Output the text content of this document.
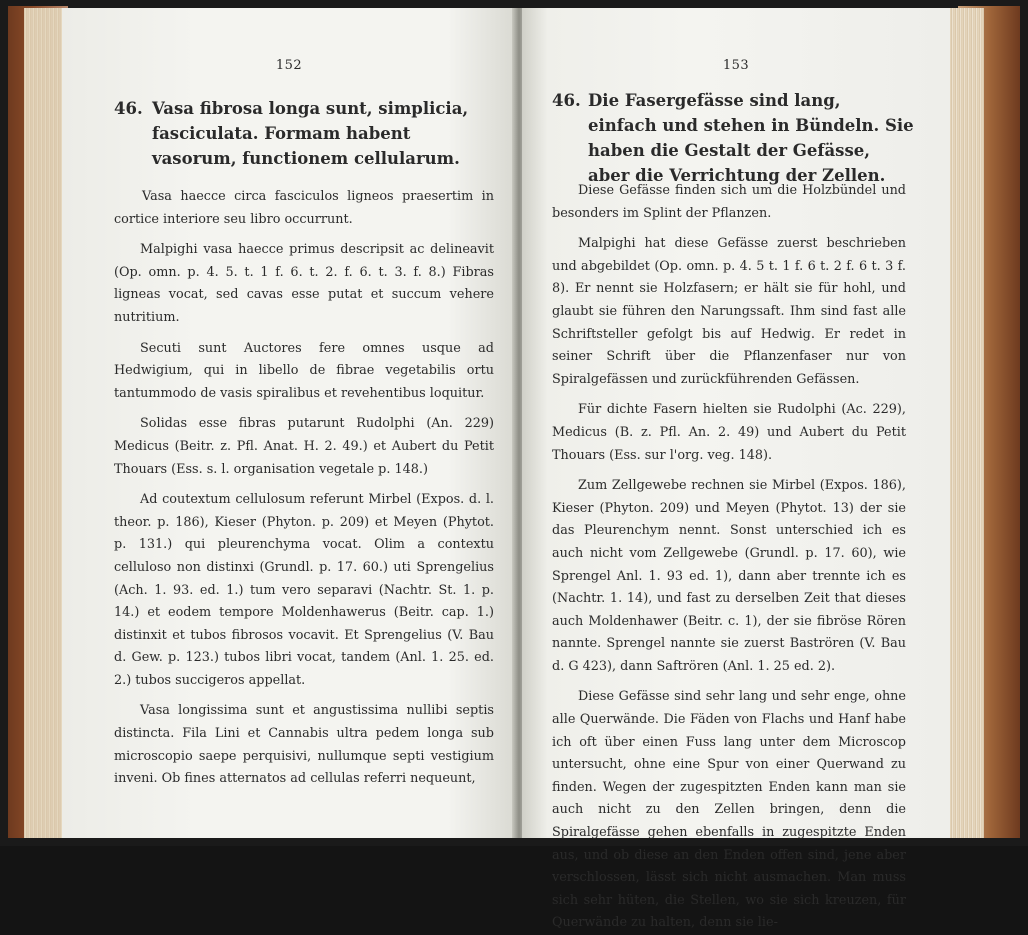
152
46. Vasa fibrosa longa sunt, simplicia, fasciculata. Formam habent vasorum, functionem cellularum.

Vasa haecce circa fasciculos ligneos praesertim in cortice interiore seu libro occurrunt.

Malpighi vasa haecce primus descripsit ac delineavit (Op. omn. p. 4. 5. t. 1 f. 6. t. 2. f. 6. t. 3. f. 8.) Fibras ligneas vocat, sed cavas esse putat et succum vehere nutritium.

Secuti sunt Auctores fere omnes usque ad Hedwigium, qui in libello de fibrae vegetabilis ortu tantummodo de vasis spiralibus et revehentibus loquitur.

Solidas esse fibras putarunt Rudolphi (An. 229) Medicus (Beitr. z. Pfl. Anat. H. 2. 49.) et Aubert du Petit Thouars (Ess. s. l. organisation vegetale p. 148.)

Ad coutextum cellulosum referunt Mirbel (Expos. d. l. theor. p. 186), Kieser (Phyton. p. 209) et Meyen (Phytot. p. 131.) qui pleurenchyma vocat. Olim a contextu celluloso non distinxi (Grundl. p. 17. 60.) uti Sprengelius (Ach. 1. 93. ed. 1.) tum vero separavi (Nachtr. St. 1. p. 14.) et eodem tempore Moldenhawerus (Beitr. cap. 1.) distinxit et tubos fibrosos vocavit. Et Sprengelius (V. Bau d. Gew. p. 123.) tubos libri vocat, tandem (Anl. 1. 25. ed. 2.) tubos succigeros appellat.

Vasa longissima sunt et angustissima nullibi septis distincta. Fila Lini et Cannabis ultra pedem longa sub microscopio saepe perquisivi, nullumque septi vestigium inveni. Ob fines atternatos ad cellulas referri nequeunt,

153
46. Die Fasergefässe sind lang, einfach und stehen in Bündeln. Sie haben die Gestalt der Gefässe, aber die Verrichtung der Zellen.

Diese Gefässe finden sich um die Holzbündel und besonders im Splint der Pflanzen.

Malpighi hat diese Gefässe zuerst beschrieben und abgebildet (Op. omn. p. 4. 5 t. 1 f. 6 t. 2 f. 6 t. 3 f. 8). Er nennt sie Holzfasern; er hält sie für hohl, und glaubt sie führen den Narungssaft. Ihm sind fast alle Schriftsteller gefolgt bis auf Hedwig. Er redet in seiner Schrift über die Pflanzenfaser nur von Spiralgefässen und zurückführenden Gefässen.

Für dichte Fasern hielten sie Rudolphi (Ac. 229), Medicus (B. z. Pfl. An. 2. 49) und Aubert du Petit Thouars (Ess. sur l'org. veg. 148).

Zum Zellgewebe rechnen sie Mirbel (Expos. 186), Kieser (Phyton. 209) und Meyen (Phytot. 13) der sie das Pleurenchym nennt. Sonst unterschied ich es auch nicht vom Zellgewebe (Grundl. p. 17. 60), wie Sprengel Anl. 1. 93 ed. 1), dann aber trennte ich es (Nachtr. 1. 14), und fast zu derselben Zeit that dieses auch Moldenhawer (Beitr. c. 1), der sie fibröse Rören nannte. Sprengel nannte sie zuerst Baströren (V. Bau d. G 423), dann Saftrören (Anl. 1. 25 ed. 2).

Diese Gefässe sind sehr lang und sehr enge, ohne alle Querwände. Die Fäden von Flachs und Hanf habe ich oft über einen Fuss lang unter dem Microscop untersucht, ohne eine Spur von einer Querwand zu finden. Wegen der zugespitzten Enden kann man sie auch nicht zu den Zellen bringen, denn die Spiralgefässe gehen ebenfalls in zugespitzte Enden aus, und ob diese an den Enden offen sind, jene aber verschlossen, lässt sich nicht ausmachen. Man muss sich sehr hüten, die Stellen, wo sie sich kreuzen, für Querwände zu halten, denn sie lie-
